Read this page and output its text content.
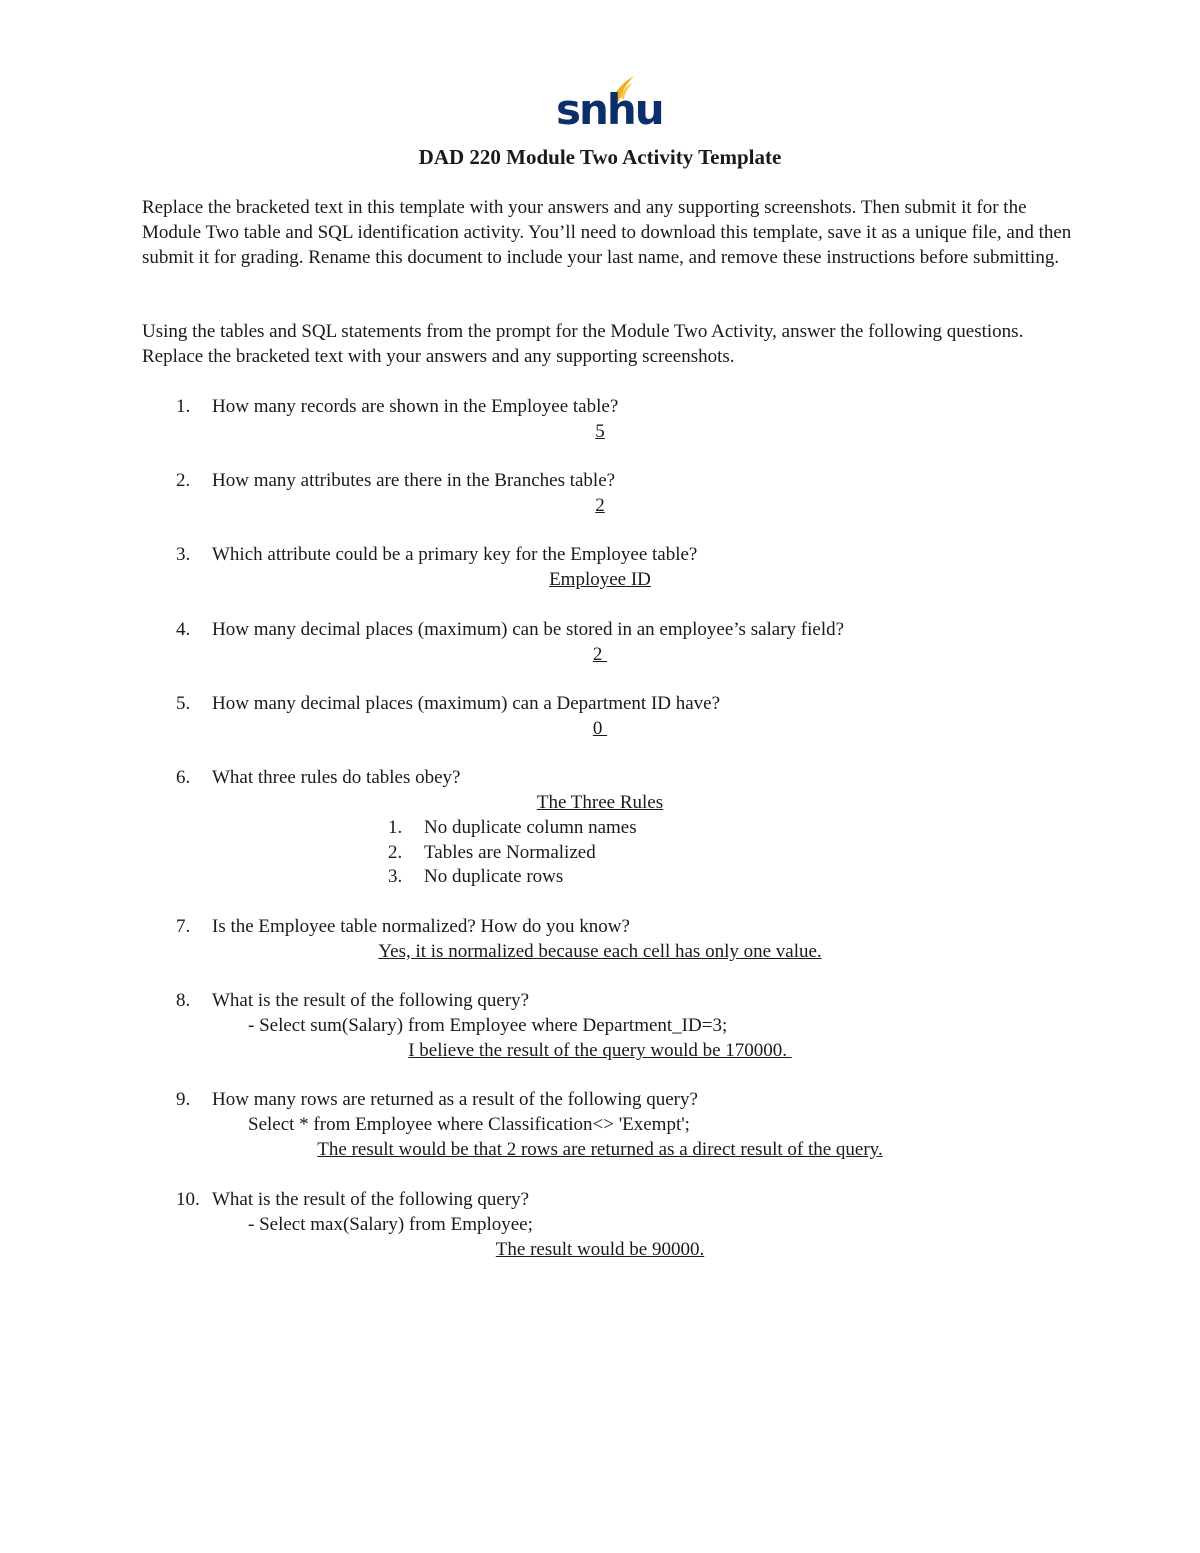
snhu

DAD 220 Module Two Activity Template

Replace the bracketed text in this template with your answers and any supporting screenshots. Then submit it for the Module Two table and SQL identification activity. You’ll need to download this template, save it as a unique file, and then submit it for grading. Rename this document to include your last name, and remove these instructions before submitting.

Using the tables and SQL statements from the prompt for the Module Two Activity, answer the following questions. Replace the bracketed text with your answers and any supporting screenshots.

1. How many records are shown in the Employee table?

5

2. How many attributes are there in the Branches table?

2

3. Which attribute could be a primary key for the Employee table?

Employee ID

4. How many decimal places (maximum) can be stored in an employee’s salary field?

2

5. How many decimal places (maximum) can a Department ID have?

0

6. What three rules do tables obey?

The Three Rules

1. No duplicate column names

2. Tables are Normalized

3. No duplicate rows

7. Is the Employee table normalized? How do you know?

Yes, it is normalized because each cell has only one value.

8. What is the result of the following query?

- Select sum(Salary) from Employee where Department_ID=3;

I believe the result of the query would be 170000.

9. How many rows are returned as a result of the following query?

Select * from Employee where Classification<> 'Exempt';

The result would be that 2 rows are returned as a direct result of the query.

10. What is the result of the following query?

- Select max(Salary) from Employee;

The result would be 90000.
